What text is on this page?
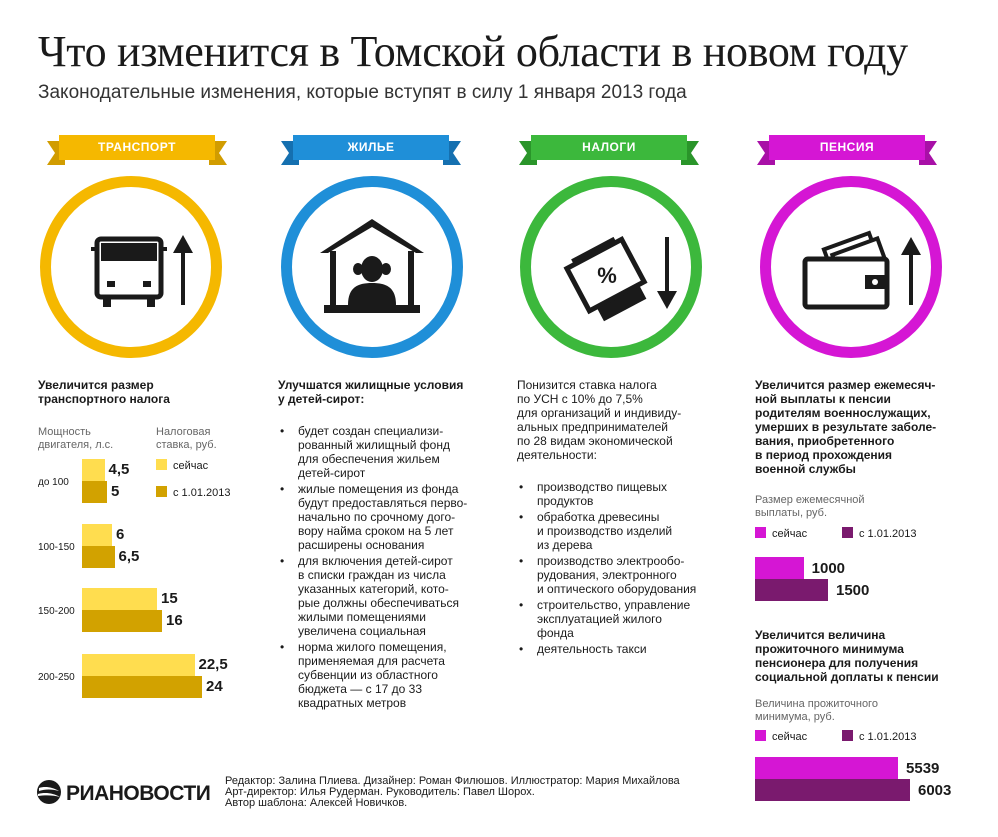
Что изменится в Томской области в новом году
Законодательные изменения, которые вступят в силу 1 января 2013 года
ТРАНСПОРТ
Увеличится размер
транспортного налога
Мощность
двигателя, л.с.
Налоговая
ставка, руб.
сейчас
с 1.01.2013
до 100
4,5
5
100-150
6
6,5
150-200
15
16
200-250
22,5
24
ЖИЛЬЕ
Улучшатся жилищные условия
у детей-сирот:
• будет создан специализи-
рованный жилищный фонд
для обеспечения жильем
детей-сирот
• жилые помещения из фонда
будут предоставляться перво-
начально по срочному дого-
вору найма сроком на 5 лет
расширены основания
• для включения детей-сирот
в списки граждан из числа
указанных категорий, кото-
рые должны обеспечиваться
жилыми помещениями
увеличена социальная
• норма жилого помещения,
применяемая для расчета
субвенции из областного
бюджета — с 17 до 33
квадратных метров
НАЛОГИ
%
Понизится ставка налога
по УСН с 10% до 7,5%
для организаций и индивиду-
альных предпринимателей
по 28 видам экономической
деятельности:
• производство пищевых
продуктов
• обработка древесины
и производство изделий
из дерева
• производство электрообо-
рудования, электронного
и оптического оборудования
• строительство, управление
эксплуатацией жилого
фонда
• деятельность такси
ПЕНСИЯ
Увеличится размер ежемесяч-
ной выплаты к пенсии
родителям военнослужащих,
умерших в результате заболе-
вания, приобретенного
в период прохождения
военной службы
Размер ежемесячной
выплаты, руб.
сейчас	с 1.01.2013
1000
1500
Увеличится величина
прожиточного минимума
пенсионера для получения
социальной доплаты к пенсии
Величина прожиточного
минимума, руб.
сейчас	с 1.01.2013
5539
6003
РИАНОВОСТИ
Редактор: Залина Плиева. Дизайнер: Роман Филюшов. Иллюстратор: Мария Михайлова
Арт-директор: Илья Рудерман. Руководитель: Павел Шорох.
Автор шаблона: Алексей Новичков.
